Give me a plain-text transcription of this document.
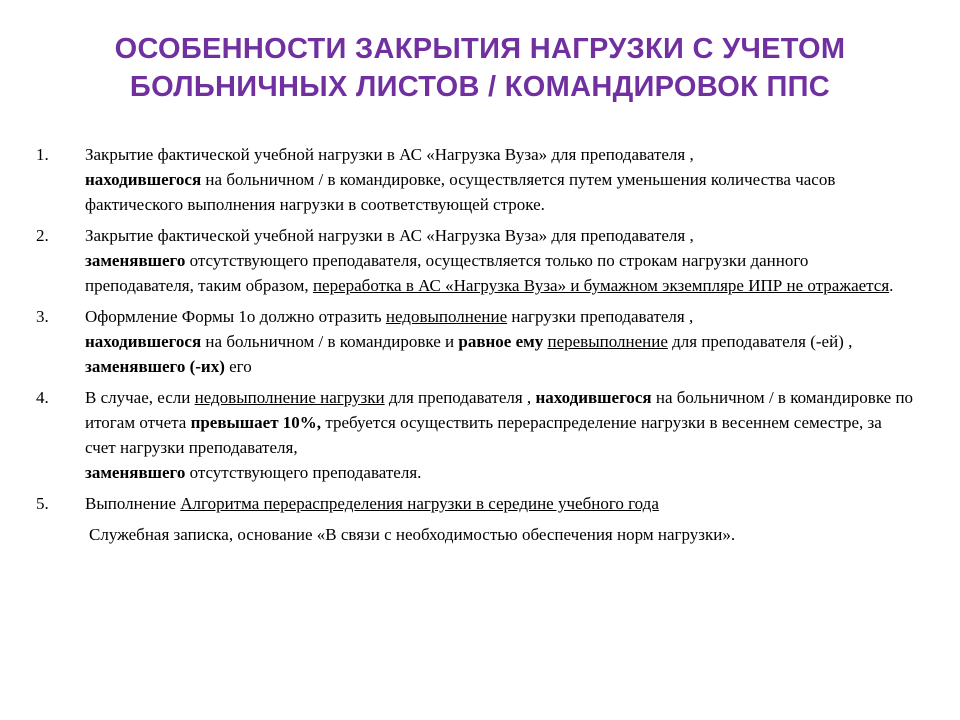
ОСОБЕННОСТИ ЗАКРЫТИЯ НАГРУЗКИ С УЧЕТОМ
БОЛЬНИЧНЫХ ЛИСТОВ / КОМАНДИРОВОК ППС
1.	Закрытие фактической учебной нагрузки в АС «Нагрузка Вуза» для преподавателя ,
находившегося на больничном / в командировке, осуществляется путем уменьшения количества часов фактического выполнения нагрузки в соответствующей строке.
2.	Закрытие фактической учебной нагрузки в АС «Нагрузка Вуза» для преподавателя ,
заменявшего отсутствующего преподавателя, осуществляется только по строкам нагрузки данного преподавателя, таким образом, переработка в АС «Нагрузка Вуза» и бумажном экземпляре ИПР не отражается.
3.	Оформление Формы 1о должно отразить недовыполнение нагрузки преподавателя ,
находившегося на больничном / в командировке и равное ему перевыполнение для преподавателя (-ей) , заменявшего (-их) его
4.	В случае, если недовыполнение нагрузки для преподавателя , находившегося на больничном / в командировке по итогам отчета превышает 10%, требуется осуществить перераспределение нагрузки в весеннем семестре, за счет нагрузки преподавателя,
заменявшего отсутствующего преподавателя.
5.	Выполнение Алгоритма перераспределения нагрузки в середине учебного года
Служебная записка, основание «В связи с необходимостью обеспечения норм нагрузки».
